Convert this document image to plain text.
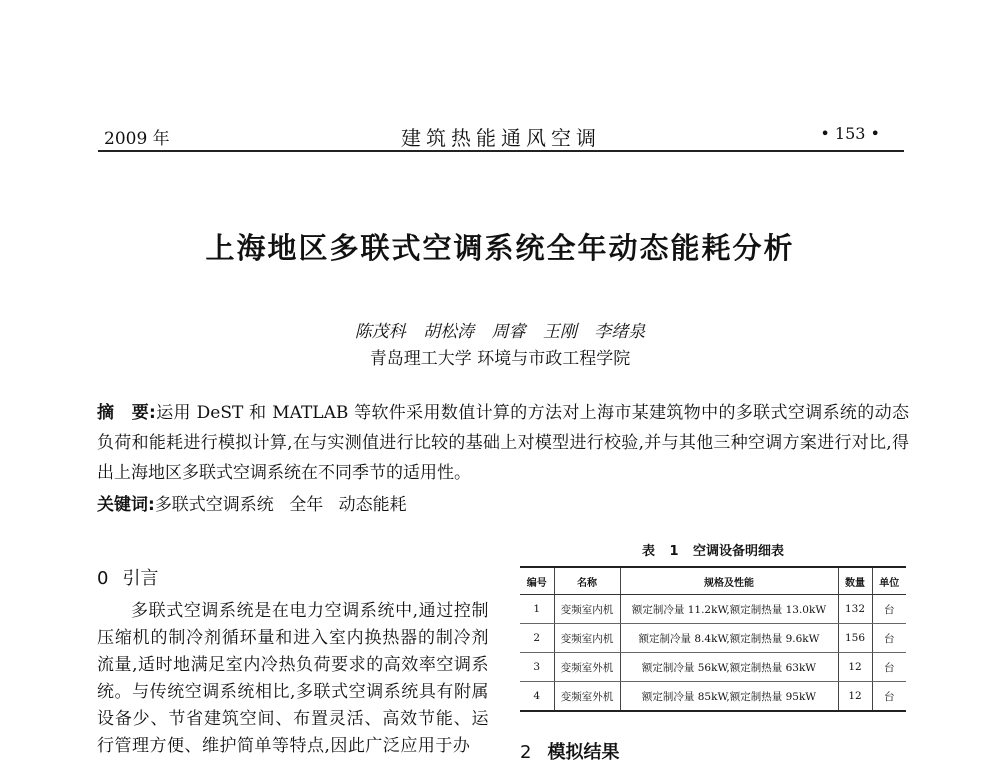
2009 年	建筑热能通风空调	• 153 •
上海地区多联式空调系统全年动态能耗分析
陈茂科 胡松涛 周睿 王刚 李绪泉
青岛理工大学 环境与市政工程学院
摘　要:运用 DeST 和 MATLAB 等软件采用数值计算的方法对上海市某建筑物中的多联式空调系统的动态负荷和能耗进行模拟计算,在与实测值进行比较的基础上对模型进行校验,并与其他三种空调方案进行对比,得出上海地区多联式空调系统在不同季节的适用性。
关键词:多联式空调系统 全年 动态能耗
0 引言
多联式空调系统是在电力空调系统中,通过控制压缩机的制冷剂循环量和进入室内换热器的制冷剂流量,适时地满足室内冷热负荷要求的高效率空调系统。与传统空调系统相比,多联式空调系统具有附属设备少、节省建筑空间、布置灵活、高效节能、运行管理方便、维护简单等特点,因此广泛应用于办
表 1 空调设备明细表
编号	名称	规格及性能	数量	单位
1	变频室内机	额定制冷量 11.2kW,额定制热量 13.0kW	132	台
2	变频室内机	额定制冷量 8.4kW,额定制热量 9.6kW	156	台
3	变频室外机	额定制冷量 56kW,额定制热量 63kW	12	台
4	变频室外机	额定制冷量 85kW,额定制热量 95kW	12	台
2 模拟结果
